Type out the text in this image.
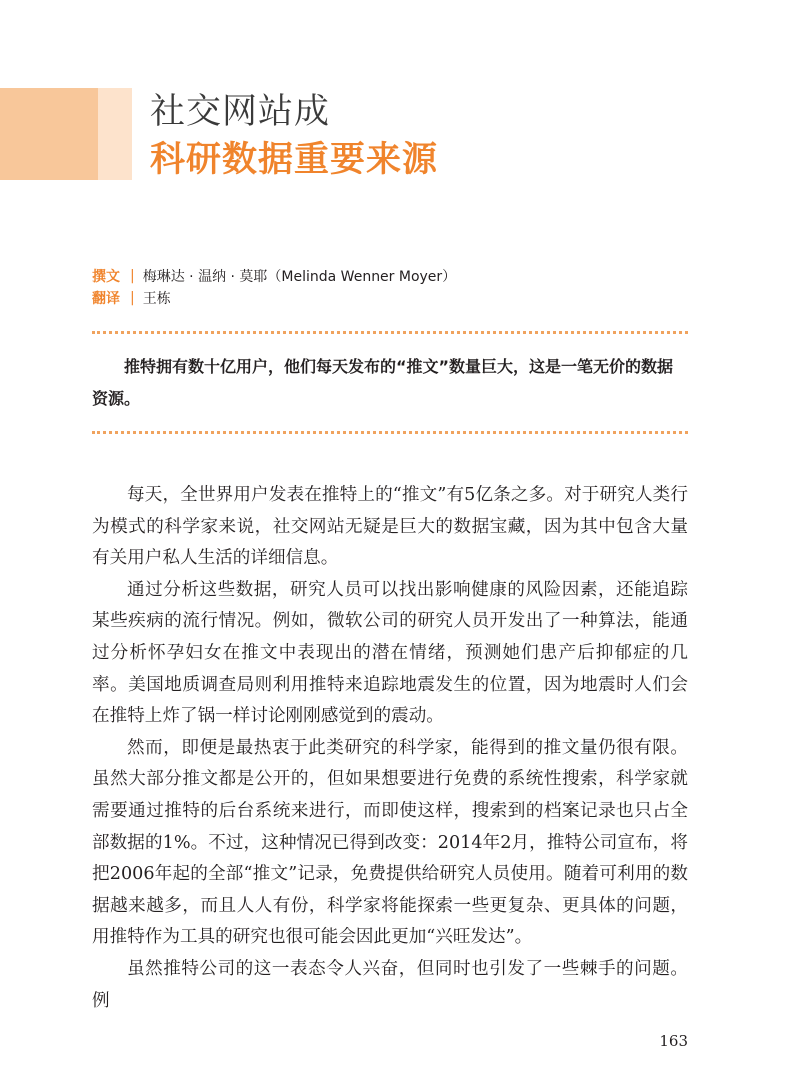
社交网站成
科研数据重要来源
撰文 | 梅琳达 · 温纳 · 莫耶（Melinda Wenner Moyer）
翻译 | 王栋

推特拥有数十亿用户，他们每天发布的“推文”数量巨大，这是一笔无价的数据资源。

每天，全世界用户发表在推特上的“推文”有5亿条之多。对于研究人类行为模式的科学家来说，社交网站无疑是巨大的数据宝藏，因为其中包含大量有关用户私人生活的详细信息。

通过分析这些数据，研究人员可以找出影响健康的风险因素，还能追踪某些疾病的流行情况。例如，微软公司的研究人员开发出了一种算法，能通过分析怀孕妇女在推文中表现出的潜在情绪，预测她们患产后抑郁症的几率。美国地质调查局则利用推特来追踪地震发生的位置，因为地震时人们会在推特上炸了锅一样讨论刚刚感觉到的震动。

然而，即便是最热衷于此类研究的科学家，能得到的推文量仍很有限。虽然大部分推文都是公开的，但如果想要进行免费的系统性搜索，科学家就需要通过推特的后台系统来进行，而即使这样，搜索到的档案记录也只占全部数据的1%。不过，这种情况已得到改变：2014年2月，推特公司宣布，将把2006年起的全部“推文”记录，免费提供给研究人员使用。随着可利用的数据越来越多，而且人人有份，科学家将能探索一些更复杂、更具体的问题，用推特作为工具的研究也很可能会因此更加“兴旺发达”。

虽然推特公司的这一表态令人兴奋，但同时也引发了一些棘手的问题。例

163
